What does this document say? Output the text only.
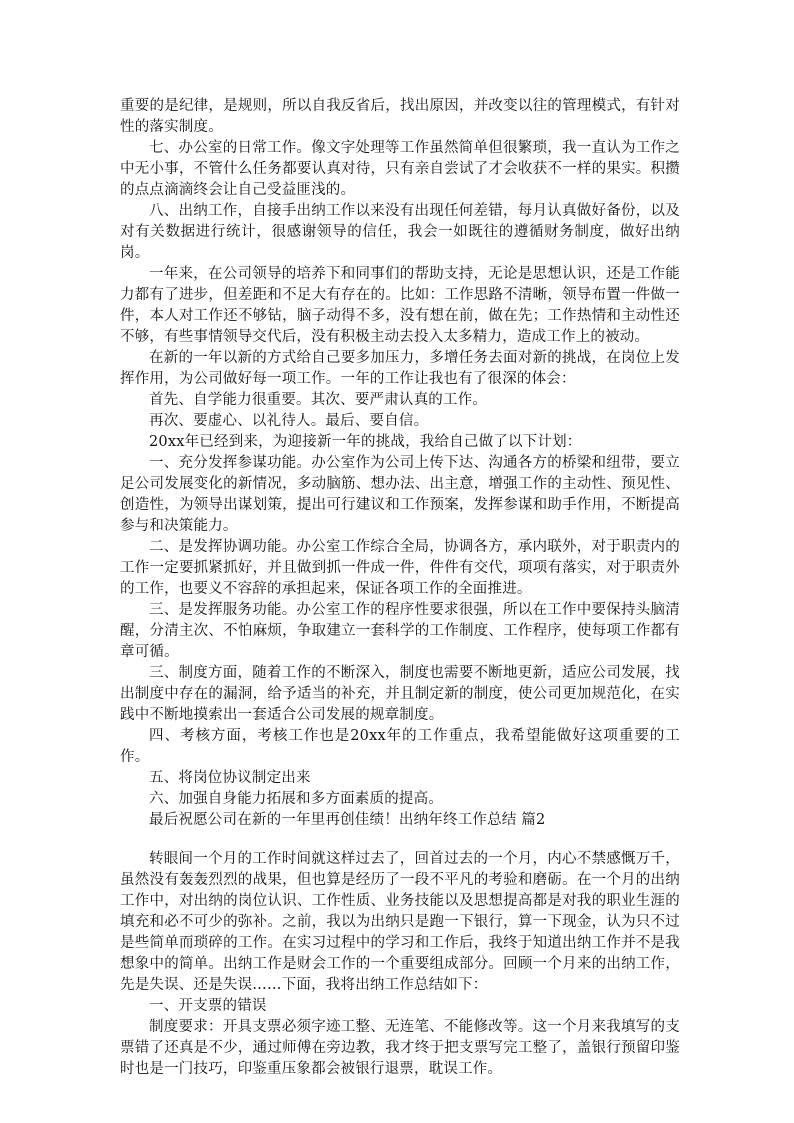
重要的是纪律，是规则，所以自我反省后，找出原因，并改变以往的管理模式，有针对性的落实制度。

七、办公室的日常工作。像文字处理等工作虽然简单但很繁琐，我一直认为工作之中无小事，不管什么任务都要认真对待，只有亲自尝试了才会收获不一样的果实。积攒的点点滴滴终会让自己受益匪浅的。

八、出纳工作，自接手出纳工作以来没有出现任何差错，每月认真做好备份，以及对有关数据进行统计，很感谢领导的信任，我会一如既往的遵循财务制度，做好出纳岗。

一年来，在公司领导的培养下和同事们的帮助支持，无论是思想认识，还是工作能力都有了进步，但差距和不足大有存在的。比如：工作思路不清晰，领导布置一件做一件，本人对工作还不够钻，脑子动得不多，没有想在前，做在先；工作热情和主动性还不够，有些事情领导交代后，没有积极主动去投入太多精力，造成工作上的被动。

在新的一年以新的方式给自己要多加压力，多增任务去面对新的挑战，在岗位上发挥作用，为公司做好每一项工作。一年的工作让我也有了很深的体会：

首先、自学能力很重要。其次、要严肃认真的工作。

再次、要虚心、以礼待人。最后、要自信。

20xx年已经到来，为迎接新一年的挑战，我给自己做了以下计划：

一、充分发挥参谋功能。办公室作为公司上传下达、沟通各方的桥梁和纽带，要立足公司发展变化的新情况，多动脑筋、想办法、出主意，增强工作的主动性、预见性、创造性，为领导出谋划策，提出可行建议和工作预案，发挥参谋和助手作用，不断提高参与和决策能力。

二、是发挥协调功能。办公室工作综合全局，协调各方，承内联外，对于职责内的工作一定要抓紧抓好，并且做到抓一件成一件，件件有交代，项项有落实，对于职责外的工作，也要义不容辞的承担起来，保证各项工作的全面推进。

三、是发挥服务功能。办公室工作的程序性要求很强，所以在工作中要保持头脑清醒，分清主次、不怕麻烦，争取建立一套科学的工作制度、工作程序，使每项工作都有章可循。

三、制度方面，随着工作的不断深入，制度也需要不断地更新，适应公司发展，找出制度中存在的漏洞，给予适当的补充，并且制定新的制度，使公司更加规范化，在实践中不断地摸索出一套适合公司发展的规章制度。

四、考核方面，考核工作也是20xx年的工作重点，我希望能做好这项重要的工作。

五、将岗位协议制定出来

六、加强自身能力拓展和多方面素质的提高。

最后祝愿公司在新的一年里再创佳绩！出纳年终工作总结 篇2

转眼间一个月的工作时间就这样过去了，回首过去的一个月，内心不禁感慨万千，虽然没有轰轰烈烈的战果，但也算是经历了一段不平凡的考验和磨砺。在一个月的出纳工作中，对出纳的岗位认识、工作性质、业务技能以及思想提高都是对我的职业生涯的填充和必不可少的弥补。之前，我以为出纳只是跑一下银行，算一下现金，认为只不过是些简单而琐碎的工作。在实习过程中的学习和工作后，我终于知道出纳工作并不是我想象中的简单。出纳工作是财会工作的一个重要组成部分。回顾一个月来的出纳工作，先是失误、还是失误……下面，我将出纳工作总结如下：

一、开支票的错误

制度要求：开具支票必须字迹工整、无连笔、不能修改等。这一个月来我填写的支票错了还真是不少，通过师傅在旁边教，我才终于把支票写完工整了，盖银行预留印鉴时也是一门技巧，印鉴重压象都会被银行退票，耽误工作。
